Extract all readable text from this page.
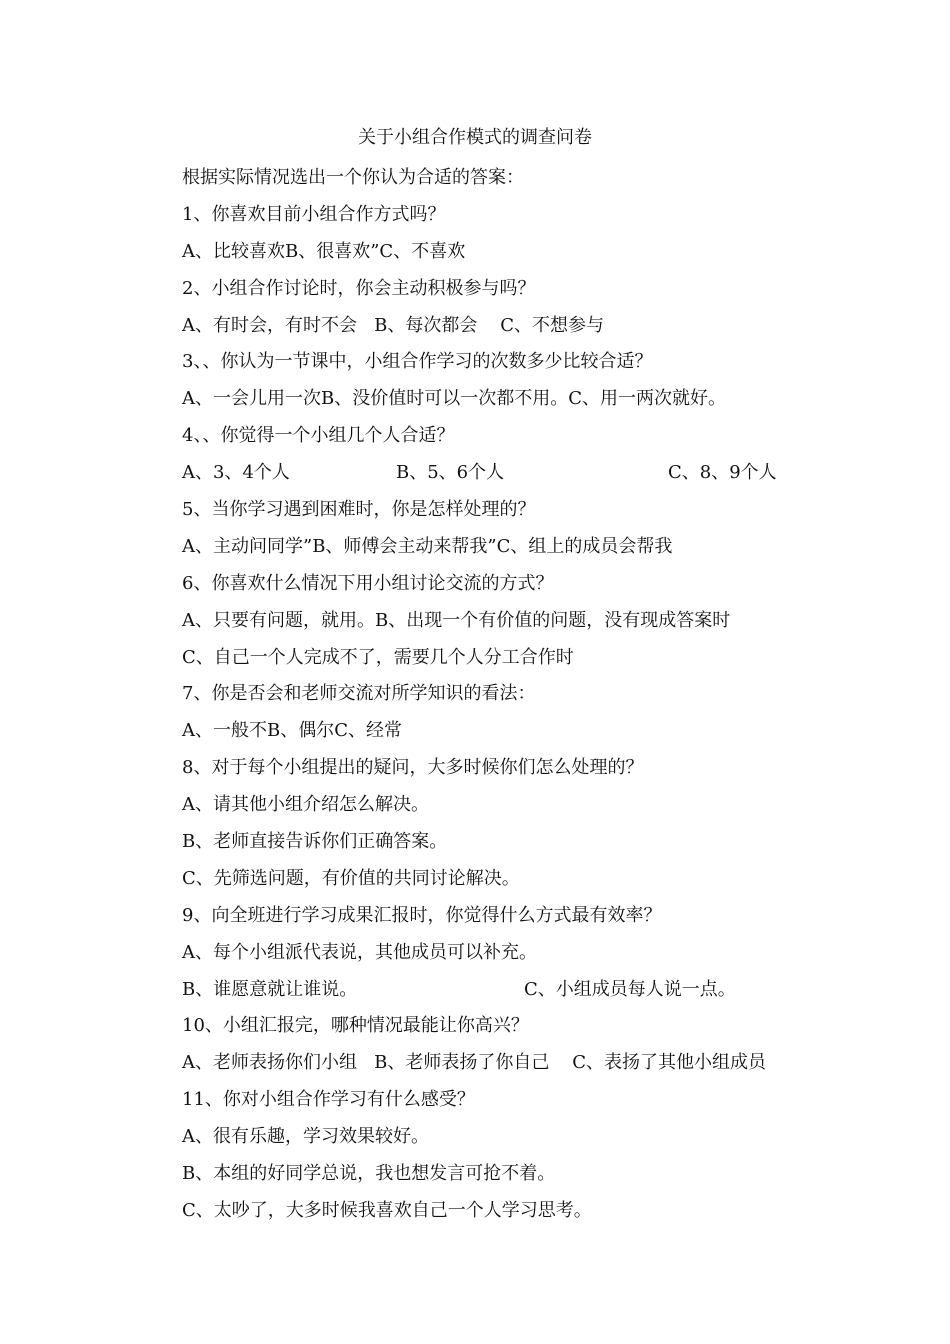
关于小组合作模式的调查问卷
根据实际情况选出一个你认为合适的答案：
1、你喜欢目前小组合作方式吗？
A、比较喜欢B、很喜欢”C、不喜欢
2、小组合作讨论时，你会主动积极参与吗？
A、有时会，有时不会   B、每次都会    C、不想参与
3、、你认为一节课中，小组合作学习的次数多少比较合适？
A、一会儿用一次B、没价值时可以一次都不用。C、用一两次就好。
4、、你觉得一个小组几个人合适？
A、3、4个人	B、5、6个人	C、8、9个人
5、当你学习遇到困难时，你是怎样处理的？
A、主动问同学”B、师傅会主动来帮我”C、组上的成员会帮我
6、你喜欢什么情况下用小组讨论交流的方式？
A、只要有问题，就用。B、出现一个有价值的问题，没有现成答案时
C、自己一个人完成不了，需要几个人分工合作时
7、你是否会和老师交流对所学知识的看法：
A、一般不B、偶尔C、经常
8、对于每个小组提出的疑问，大多时候你们怎么处理的？
A、请其他小组介绍怎么解决。
B、老师直接告诉你们正确答案。
C、先筛选问题，有价值的共同讨论解决。
9、向全班进行学习成果汇报时，你觉得什么方式最有效率？
A、每个小组派代表说，其他成员可以补充。
B、谁愿意就让谁说。	C、小组成员每人说一点。
10、小组汇报完，哪种情况最能让你高兴？
A、老师表扬你们小组   B、老师表扬了你自己    C、表扬了其他小组成员
11、你对小组合作学习有什么感受？
A、很有乐趣，学习效果较好。
B、本组的好同学总说，我也想发言可抢不着。
C、太吵了，大多时候我喜欢自己一个人学习思考。
